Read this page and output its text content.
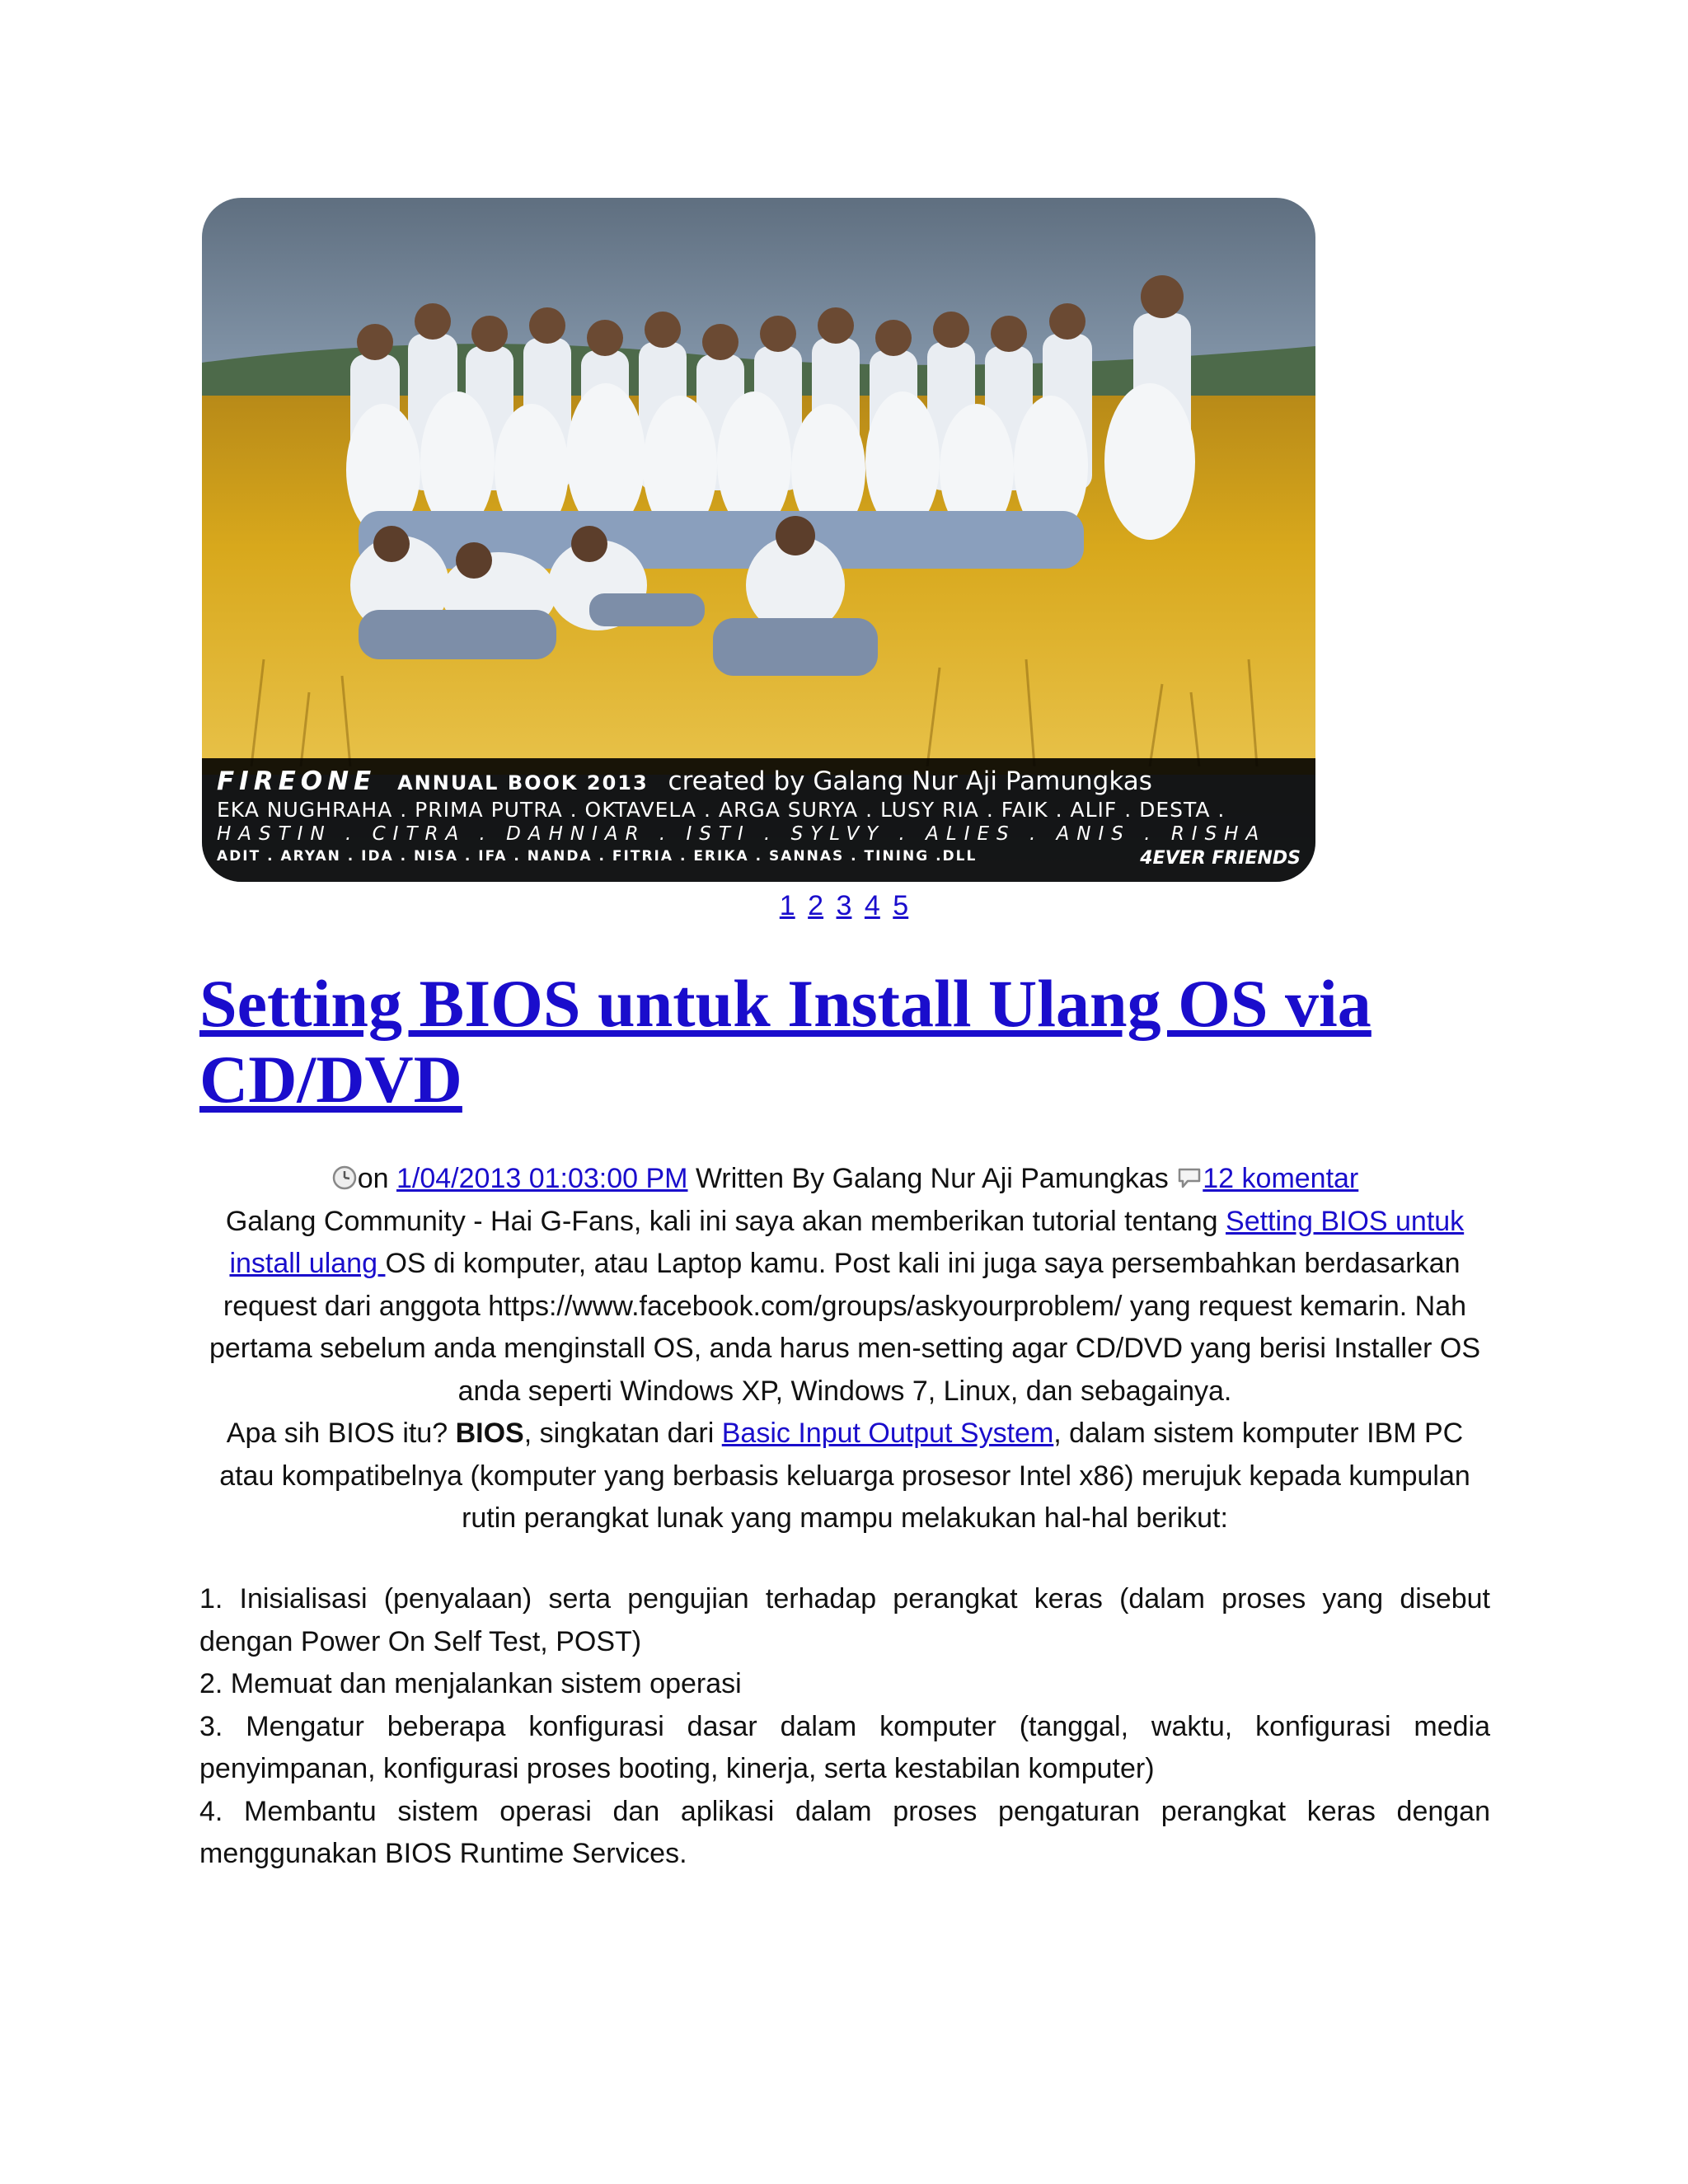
FIREONE ANNUAL BOOK 2013 created by Galang Nur Aji Pamungkas
EKA NUGHRAHA . PRIMA PUTRA . OKTAVELA . ARGA SURYA . LUSY RIA . FAIK . ALIF . DESTA .
HASTIN . CITRA . DAHNIAR . ISTI . SYLVY . ALIES . ANIS . RISHA
ADIT . ARYAN . IDA . NISA . IFA . NANDA . FITRIA . ERIKA . SANNAS . TINING .DLL	4EVER FRIENDS
1 2 3 4 5
Setting BIOS untuk Install Ulang OS via CD/DVD

on 1/04/2013 01:03:00 PM Written By Galang Nur Aji Pamungkas 12 komentar

Galang Community - Hai G-Fans, kali ini saya akan memberikan tutorial tentang Setting BIOS untuk install ulang OS di komputer, atau Laptop kamu. Post kali ini juga saya persembahkan berdasarkan request dari anggota https://www.facebook.com/groups/askyourproblem/ yang request kemarin. Nah pertama sebelum anda menginstall OS, anda harus men-setting agar CD/DVD yang berisi Installer OS anda seperti Windows XP, Windows 7, Linux, dan sebagainya.

Apa sih BIOS itu? BIOS, singkatan dari Basic Input Output System, dalam sistem komputer IBM PC atau kompatibelnya (komputer yang berbasis keluarga prosesor Intel x86) merujuk kepada kumpulan rutin perangkat lunak yang mampu melakukan hal-hal berikut:

1. Inisialisasi (penyalaan) serta pengujian terhadap perangkat keras (dalam proses yang disebut dengan Power On Self Test, POST)

2. Memuat dan menjalankan sistem operasi

3. Mengatur beberapa konfigurasi dasar dalam komputer (tanggal, waktu, konfigurasi media penyimpanan, konfigurasi proses booting, kinerja, serta kestabilan komputer)

4. Membantu sistem operasi dan aplikasi dalam proses pengaturan perangkat keras dengan menggunakan BIOS Runtime Services.
